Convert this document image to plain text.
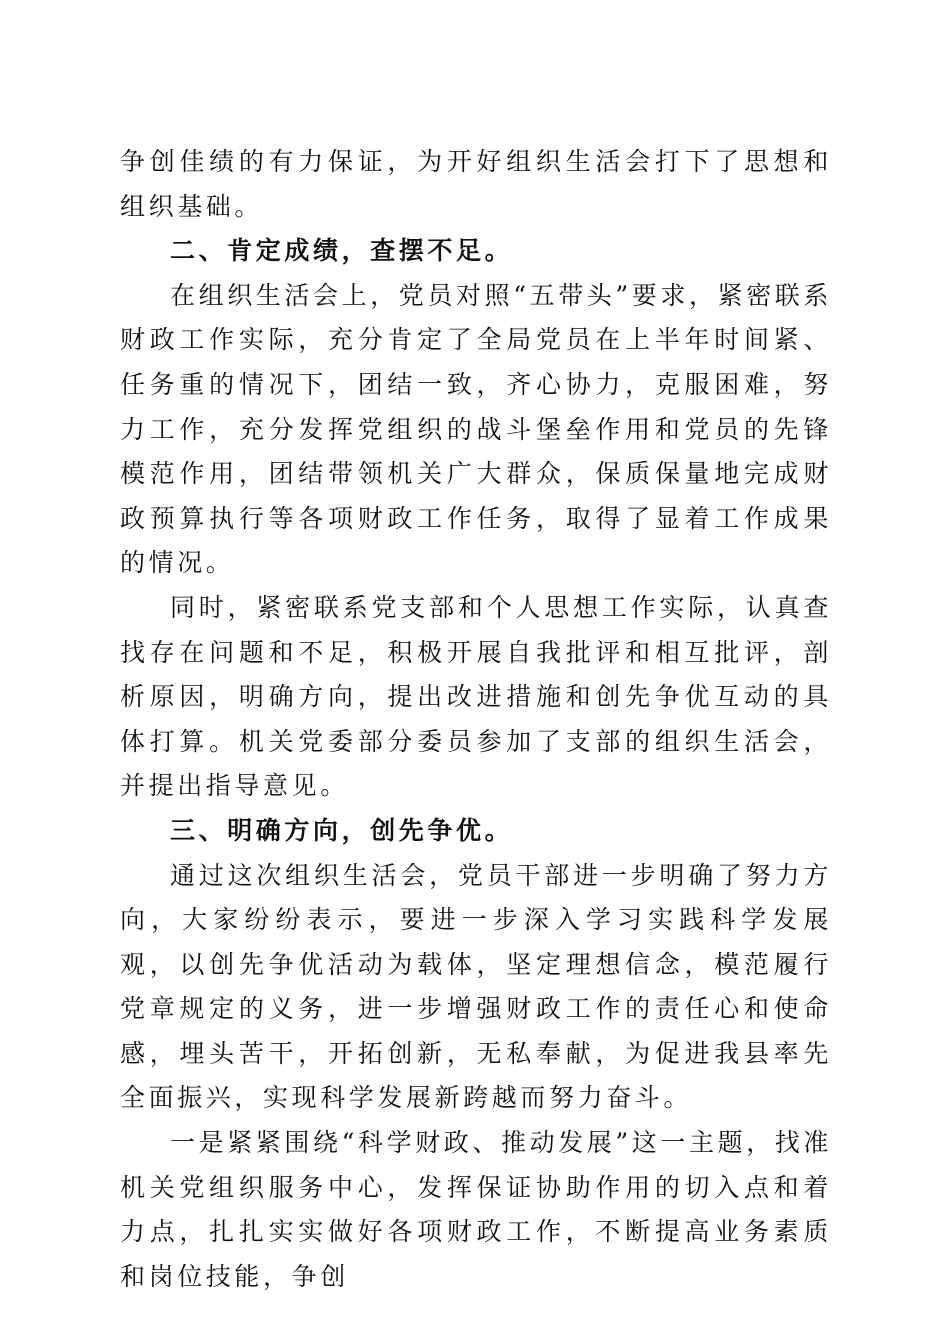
争创佳绩的有力保证，为开好组织生活会打下了思想和组织基础。

二、肯定成绩，查摆不足。

在组织生活会上，党员对照“五带头”要求，紧密联系财政工作实际，充分肯定了全局党员在上半年时间紧、任务重的情况下，团结一致，齐心协力，克服困难，努力工作，充分发挥党组织的战斗堡垒作用和党员的先锋模范作用，团结带领机关广大群众，保质保量地完成财政预算执行等各项财政工作任务，取得了显着工作成果的情况。

同时，紧密联系党支部和个人思想工作实际，认真查找存在问题和不足，积极开展自我批评和相互批评，剖析原因，明确方向，提出改进措施和创先争优互动的具体打算。机关党委部分委员参加了支部的组织生活会，并提出指导意见。

三、明确方向，创先争优。

通过这次组织生活会，党员干部进一步明确了努力方向，大家纷纷表示，要进一步深入学习实践科学发展观，以创先争优活动为载体，坚定理想信念，模范履行党章规定的义务，进一步增强财政工作的责任心和使命感，埋头苦干，开拓创新，无私奉献，为促进我县率先全面振兴，实现科学发展新跨越而努力奋斗。

一是紧紧围绕“科学财政、推动发展”这一主题，找准机关党组织服务中心，发挥保证协助作用的切入点和着力点，扎扎实实做好各项财政工作，不断提高业务素质和岗位技能，争创
